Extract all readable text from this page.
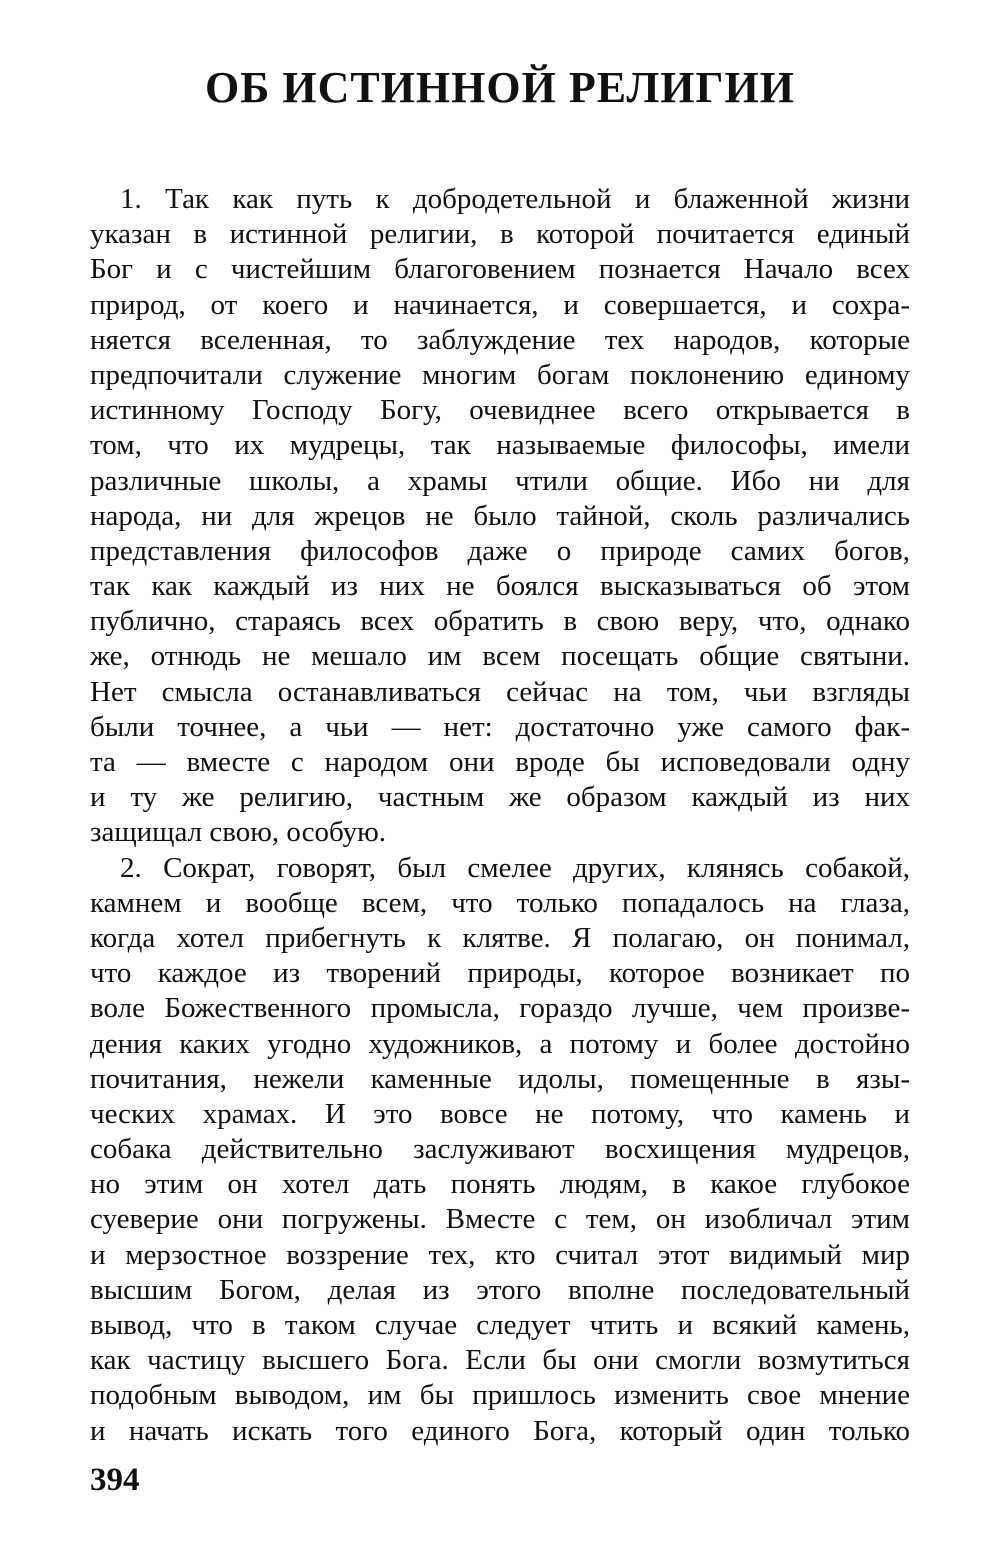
ОБ ИСТИННОЙ РЕЛИГИИ
1. Так как путь к добродетельной и блаженной жизни
указан в истинной религии, в которой почитается единый
Бог и с чистейшим благоговением познается Начало всех
природ, от коего и начинается, и совершается, и сохра-
няется вселенная, то заблуждение тех народов, которые
предпочитали служение многим богам поклонению единому
истинному Господу Богу, очевиднее всего открывается в
том, что их мудрецы, так называемые философы, имели
различные школы, а храмы чтили общие. Ибо ни для
народа, ни для жрецов не было тайной, сколь различались
представления философов даже о природе самих богов,
так как каждый из них не боялся высказываться об этом
публично, стараясь всех обратить в свою веру, что, однако
же, отнюдь не мешало им всем посещать общие святыни.
Нет смысла останавливаться сейчас на том, чьи взгляды
были точнее, а чьи — нет: достаточно уже самого фак-
та — вместе с народом они вроде бы исповедовали одну
и ту же религию, частным же образом каждый из них
защищал свою, особую.
2. Сократ, говорят, был смелее других, клянясь собакой,
камнем и вообще всем, что только попадалось на глаза,
когда хотел прибегнуть к клятве. Я полагаю, он понимал,
что каждое из творений природы, которое возникает по
воле Божественного промысла, гораздо лучше, чем произве-
дения каких угодно художников, а потому и более достойно
почитания, нежели каменные идолы, помещенные в язы-
ческих храмах. И это вовсе не потому, что камень и
собака действительно заслуживают восхищения мудрецов,
но этим он хотел дать понять людям, в какое глубокое
суеверие они погружены. Вместе с тем, он изобличал этим
и мерзостное воззрение тех, кто считал этот видимый мир
высшим Богом, делая из этого вполне последовательный
вывод, что в таком случае следует чтить и всякий камень,
как частицу высшего Бога. Если бы они смогли возмутиться
подобным выводом, им бы пришлось изменить свое мнение
и начать искать того единого Бога, который один только
394
